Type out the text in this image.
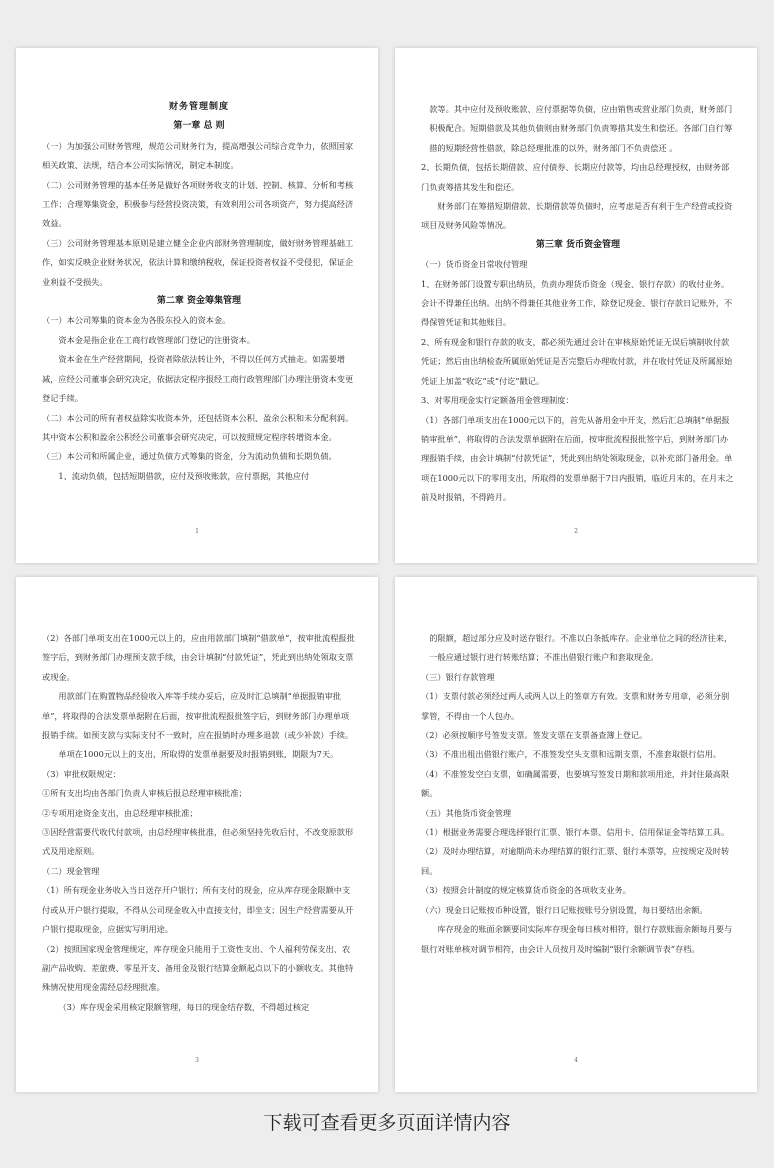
财务管理制度
第一章 总 则
（一）为加强公司财务管理，规范公司财务行为，提高增强公司综合竞争力，依照国家相关政策、法规，结合本公司实际情况，制定本制度。
（二）公司财务管理的基本任务是做好各项财务收支的计划、控制、核算、分析和考核工作；合理筹集资金，积极参与经营投资决策，有效利用公司各项资产，努力提高经济效益。
（三）公司财务管理基本原则是建立健全企业内部财务管理制度，做好财务管理基础工作，如实反映企业财务状况，依法计算和缴纳税收，保证投资者权益不受侵犯，保证企业利益不受损失。
第二章 资金筹集管理
（一）本公司筹集的资本金为各股东投入的资本金。
资本金是指企业在工商行政管理部门登记的注册资本。
资本金在生产经营期间，投资者除依法转让外，不得以任何方式抽走。如需要增减，应经公司董事会研究决定，依据法定程序报经工商行政管理部门办理注册资本变更登记手续。
（二）本公司的所有者权益除实收资本外，还包括资本公积、盈余公积和未分配利润。其中资本公积和盈余公积经公司董事会研究决定，可以按照规定程序转增资本金。
（三）本公司和所属企业，通过负债方式筹集的资金，分为流动负债和长期负债。
1、流动负债，包括短期借款，应付及预收账款，应付票据，其他应付
1
款等。其中应付及预收账款、应付票据等负债，应由销售或营业部门负责，财务部门积极配合。短期借款及其他负债则由财务部门负责筹措其发生和偿还。各部门自行筹措的短期经营性借款，除总经理批准的以外，财务部门不负责偿还 。
2、长期负债，包括长期借款、应付债券、长期应付款等，均由总经理授权，由财务部门负责筹措其发生和偿还。
财务部门在筹措短期借款、长期借款等负债时，应考虑是否有利于生产经营或投资项目及财务风险等情况。
第三章 货币资金管理
（一）货币资金日常收付管理
1、在财务部门设置专职出纳员，负责办理货币资金（现金、银行存款）的收付业务。会计不得兼任出纳。出纳不得兼任其他业务工作，除登记现金、银行存款日记账外，不得保管凭证和其他账目。
2、所有现金和银行存款的收支，都必须先通过会计在审核原始凭证无误后填制收付款凭证；然后由出纳检查所属原始凭证是否完整后办理收付款，并在收付凭证及所属原始凭证上加盖“收讫”或“付讫”戳记。
3、对零用现金实行定额备用金管理制度：
（1）各部门单项支出在1000元以下的，首先从备用金中开支，然后汇总填制“单据报销审批单”，将取得的合法发票单据附在后面，按审批流程报批签字后，到财务部门办理报销手续，由会计填制“付款凭证”，凭此到出纳处领取现金，以补充部门备用金。单项在1000元以下的零用支出，所取得的发票单据于7日内报销，临近月末的，在月末之前及时报销，不得跨月。
2
（2）各部门单项支出在1000元以上的，应由用款部门填制“借款单”，按审批流程报批签字后，到财务部门办理预支款手续，由会计填制“付款凭证”，凭此到出纳处领取支票或现金。
用款部门在购置物品经验收入库等手续办妥后，应及时汇总填制“单据报销审批单”，将取得的合法发票单据附在后面，按审批流程报批签字后，到财务部门办理单项报销手续。如预支款与实际支付不一致时，应在报销时办理多退款（或少补款）手续。
单项在1000元以上的支出，所取得的发票单据要及时报销到账，期限为7天。
（3）审批权限规定：
①所有支出均由各部门负责人审核后报总经理审核批准；
②专项用途资金支出，由总经理审核批准；
③因经营需要代收代付款项，由总经理审核批准，但必须坚持先收后付，不改变原款形式及用途原则。
（二）现金管理
（1）所有现金业务收入当日送存开户银行；所有支付的现金，应从库存现金限额中支付或从开户银行提取，不得从公司现金收入中直接支付，即坐支；因生产经营需要从开户银行提取现金，应据实写明用途。
（2）按照国家现金管理规定，库存现金只能用于工资性支出、个人福利劳保支出、农副产品收购、差旅费、零星开支、备用金及银行结算金额起点以下的小额收支。其他特殊情况使用现金需经总经理批准。
（3）库存现金采用核定限额管理，每日的现金结存数，不得超过核定
3
的限额，超过部分应及时送存银行。不准以白条抵库存。企业单位之间的经济往来，一般应通过银行进行转账结算；不准出借银行账户和套取现金。
（三）银行存款管理
（1）支票付款必须经过两人或两人以上的签章方有效。支票和财务专用章，必须分别掌管，不得由一个人包办。
（2）必须按顺序号签发支票。签发支票在支票备查簿上登记。
（3）不准出租出借银行账户，不准签发空头支票和远期支票，不准套取银行信用。
（4）不准签发空白支票，如确属需要，也要填写签发日期和款项用途，并封住最高限额。
（五）其他货币资金管理
（1）根据业务需要合理选择银行汇票、银行本票、信用卡、信用保证金等结算工具。
（2）及时办理结算，对逾期尚未办理结算的银行汇票、银行本票等，应按规定及时转回。
（3）按照会计制度的规定核算货币资金的各项收支业务。
（六）现金日记账按币种设置，银行日记账按账号分别设置，每日要结出余额。
库存现金的账面余额要同实际库存现金每日核对相符，银行存款账面余额每月要与银行对账单核对调节相符，由会计人员按月及时编制“银行余额调节表”存档。
4
下载可查看更多页面详情内容
